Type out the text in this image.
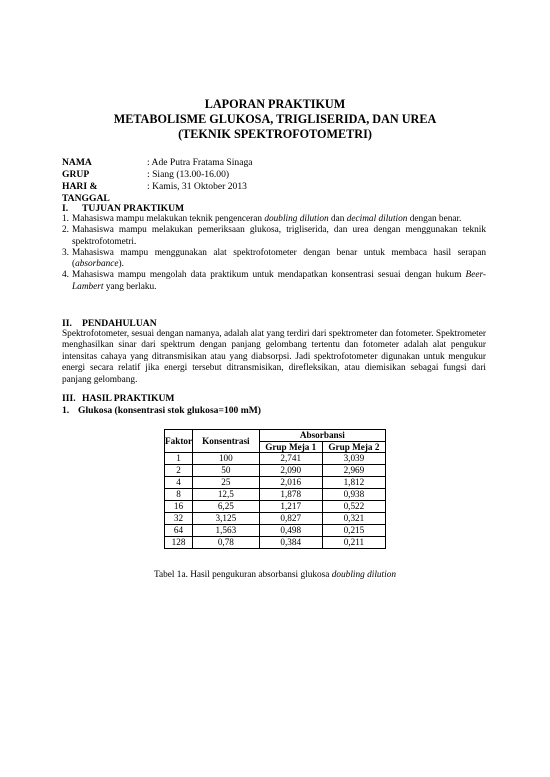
LAPORAN PRAKTIKUM
METABOLISME GLUKOSA, TRIGLISERIDA, DAN UREA
(TEKNIK SPEKTROFOTOMETRI)
NAMA	: Ade Putra Fratama Sinaga
GRUP	: Siang (13.00-16.00)
HARI & TANGGAL
: Kamis, 31 Oktober 2013
I. TUJUAN PRAKTIKUM
1. Mahasiswa mampu melakukan teknik pengenceran doubling dilution dan decimal dilution dengan benar.
2. Mahasiswa mampu melakukan pemeriksaan glukosa, trigliserida, dan urea dengan menggunakan teknik spektrofotometri.
3. Mahasiswa mampu menggunakan alat spektrofotometer dengan benar untuk membaca hasil serapan (absorbance).
4. Mahasiswa mampu mengolah data praktikum untuk mendapatkan konsentrasi sesuai dengan hukum Beer-Lambert yang berlaku.
II. PENDAHULUAN
Spektrofotometer, sesuai dengan namanya, adalah alat yang terdiri dari spektrometer dan fotometer. Spektrometer menghasilkan sinar dari spektrum dengan panjang gelombang tertentu dan fotometer adalah alat pengukur intensitas cahaya yang ditransmisikan atau yang diabsorpsi. Jadi spektrofotometer digunakan untuk mengukur energi secara relatif jika energi tersebut ditransmisikan, direfleksikan, atau diemisikan sebagai fungsi dari panjang gelombang.
III. HASIL PRAKTIKUM
1. Glukosa (konsentrasi stok glukosa=100 mM)
Faktor	Konsentrasi	Absorbansi	
		Grup Meja 1	Grup Meja 2
1	100	2,741	3,039
2	50	2,090	2,969
4	25	2,016	1,812
8	12,5	1,878	0,938
16	6,25	1,217	0,522
32	3,125	0,827	0,321
64	1,563	0,498	0,215
128	0,78	0,384	0,211
Tabel 1a. Hasil pengukuran absorbansi glukosa doubling dilution
